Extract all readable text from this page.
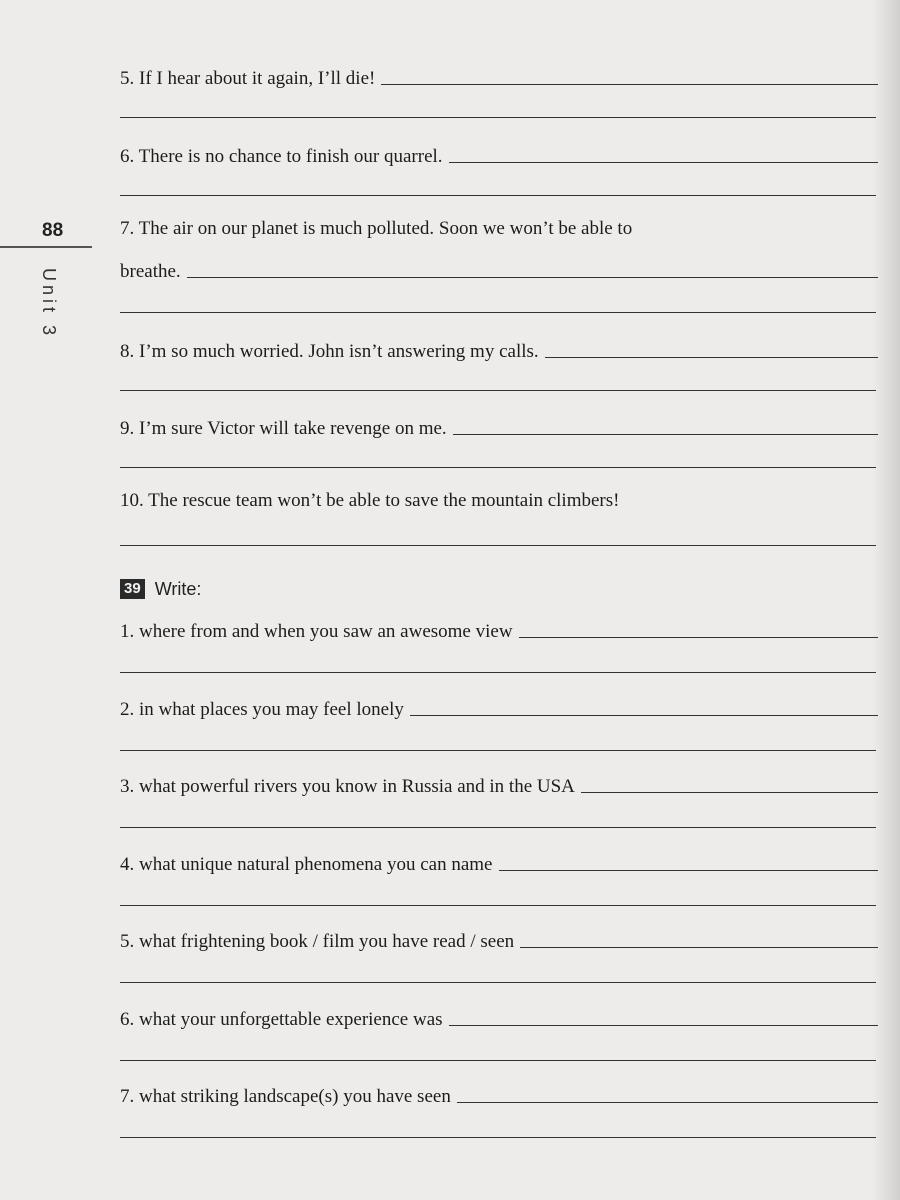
88
Unit 3
5. If I hear about it again, I’ll die!
6. There is no chance to finish our quarrel.
7. The air on our planet is much polluted. Soon we won’t be able to
breathe.
8. I’m so much worried. John isn’t answering my calls.
9. I’m sure Victor will take revenge on me.
10. The rescue team won’t be able to save the mountain climbers!
39 Write:
1. where from and when you saw an awesome view
2. in what places you may feel lonely
3. what powerful rivers you know in Russia and in the USA
4. what unique natural phenomena you can name
5. what frightening book / film you have read / seen
6. what your unforgettable experience was
7. what striking landscape(s) you have seen
